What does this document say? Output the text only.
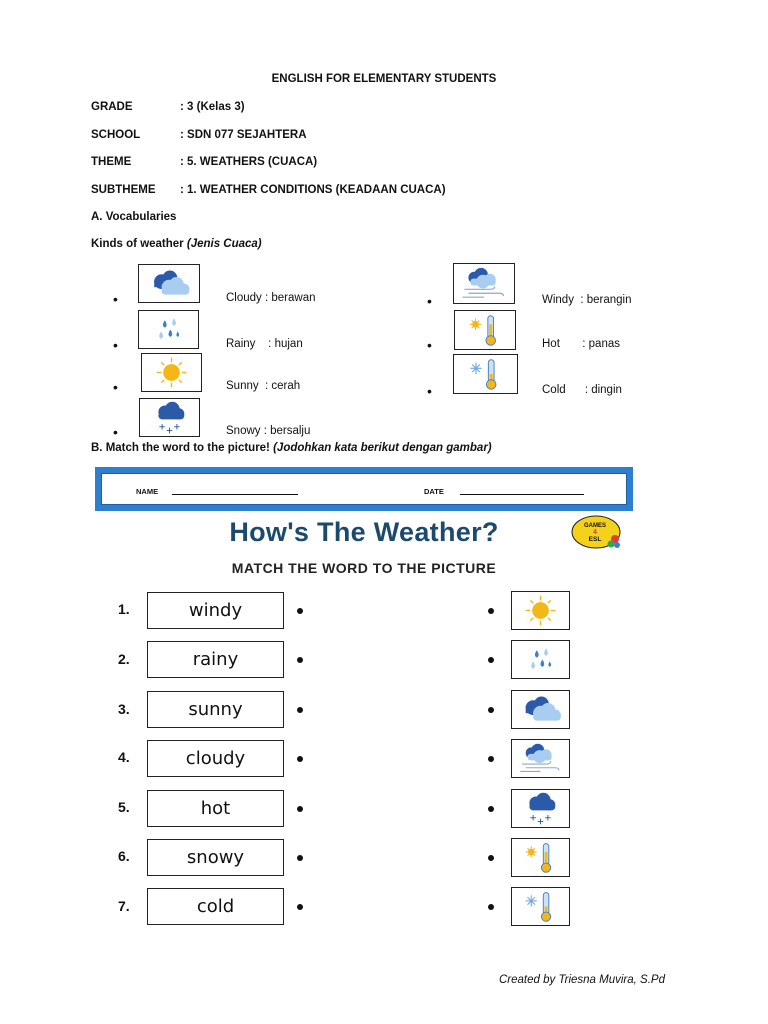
ENGLISH FOR ELEMENTARY STUDENTS
GRADE	: 3 (Kelas 3)
SCHOOL	: SDN 077 SEJAHTERA
THEME	: 5. WEATHERS (CUACA)
SUBTHEME : 1. WEATHER CONDITIONS (KEADAAN CUACA)
A. Vocabularies
Kinds of weather (Jenis Cuaca)
•	Cloudy : berawan
•	Rainy    : hujan
•	Sunny  : cerah
•	Snowy : bersalju
•	Windy  : berangin
•	Hot       : panas
•	Cold      : dingin
B. Match the word to the picture! (Jodohkan kata berikut dengan gambar)
NAME	DATE
How's The Weather?	GAMES
4
ESL
MATCH THE WORD TO THE PICTURE
1.	windy
2.	rainy
3.	sunny
4.	cloudy
5.	hot
6.	snowy
7.	cold
Created by Triesna Muvira, S.Pd
